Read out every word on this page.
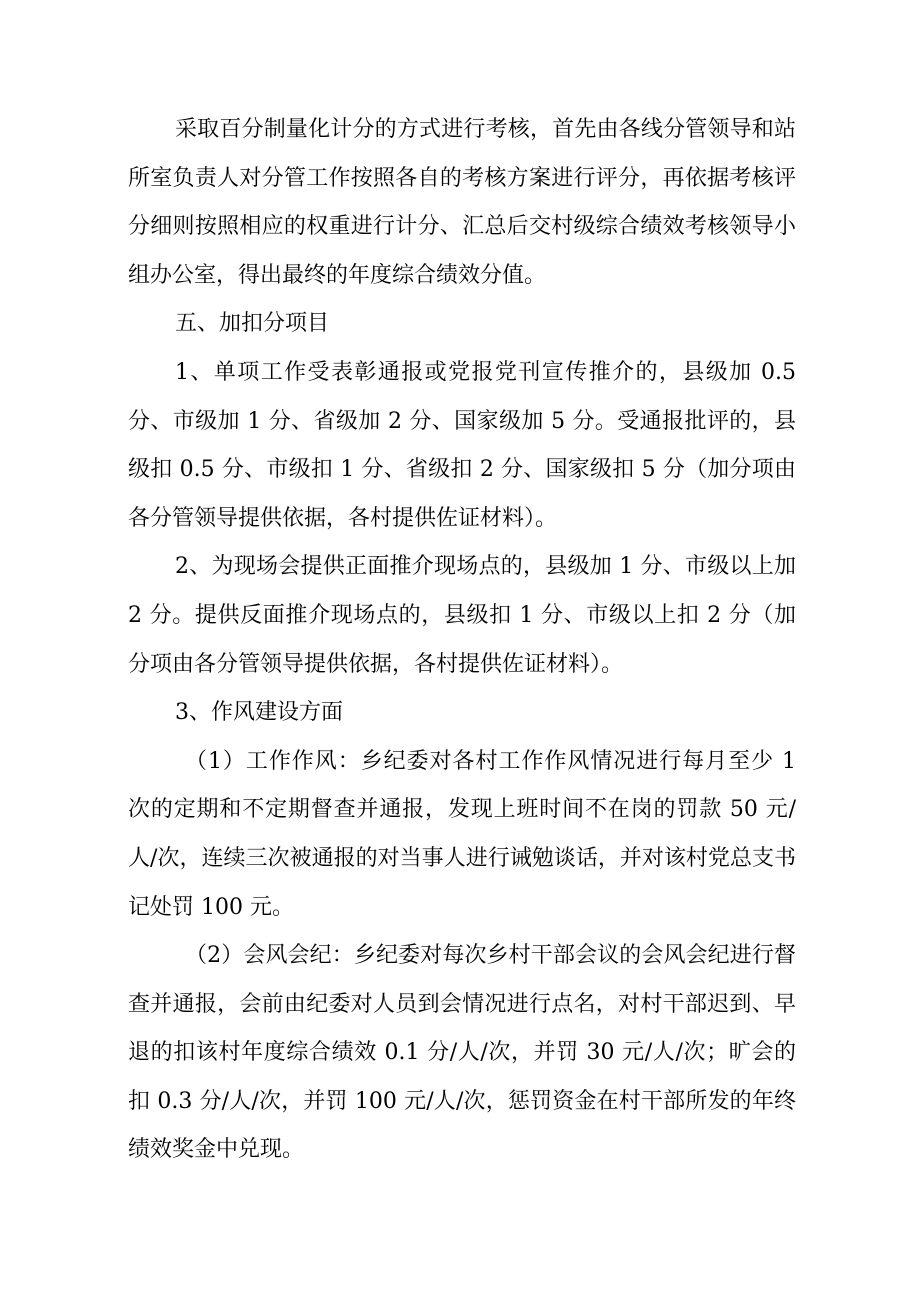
采取百分制量化计分的方式进行考核，首先由各线分管领导和站所室负责人对分管工作按照各自的考核方案进行评分，再依据考核评分细则按照相应的权重进行计分、汇总后交村级综合绩效考核领导小组办公室，得出最终的年度综合绩效分值。

五、加扣分项目

1、单项工作受表彰通报或党报党刊宣传推介的，县级加 0.5 分、市级加 1 分、省级加 2 分、国家级加 5 分。受通报批评的，县级扣 0.5 分、市级扣 1 分、省级扣 2 分、国家级扣 5 分（加分项由各分管领导提供依据，各村提供佐证材料）。

2、为现场会提供正面推介现场点的，县级加 1 分、市级以上加 2 分。提供反面推介现场点的，县级扣 1 分、市级以上扣 2 分（加分项由各分管领导提供依据，各村提供佐证材料）。

3、作风建设方面

（1）工作作风：乡纪委对各村工作作风情况进行每月至少 1 次的定期和不定期督查并通报，发现上班时间不在岗的罚款 50 元/人/次，连续三次被通报的对当事人进行诫勉谈话，并对该村党总支书记处罚 100 元。

（2）会风会纪：乡纪委对每次乡村干部会议的会风会纪进行督查并通报，会前由纪委对人员到会情况进行点名，对村干部迟到、早退的扣该村年度综合绩效 0.1 分/人/次，并罚 30 元/人/次；旷会的扣 0.3 分/人/次，并罚 100 元/人/次，惩罚资金在村干部所发的年终绩效奖金中兑现。
